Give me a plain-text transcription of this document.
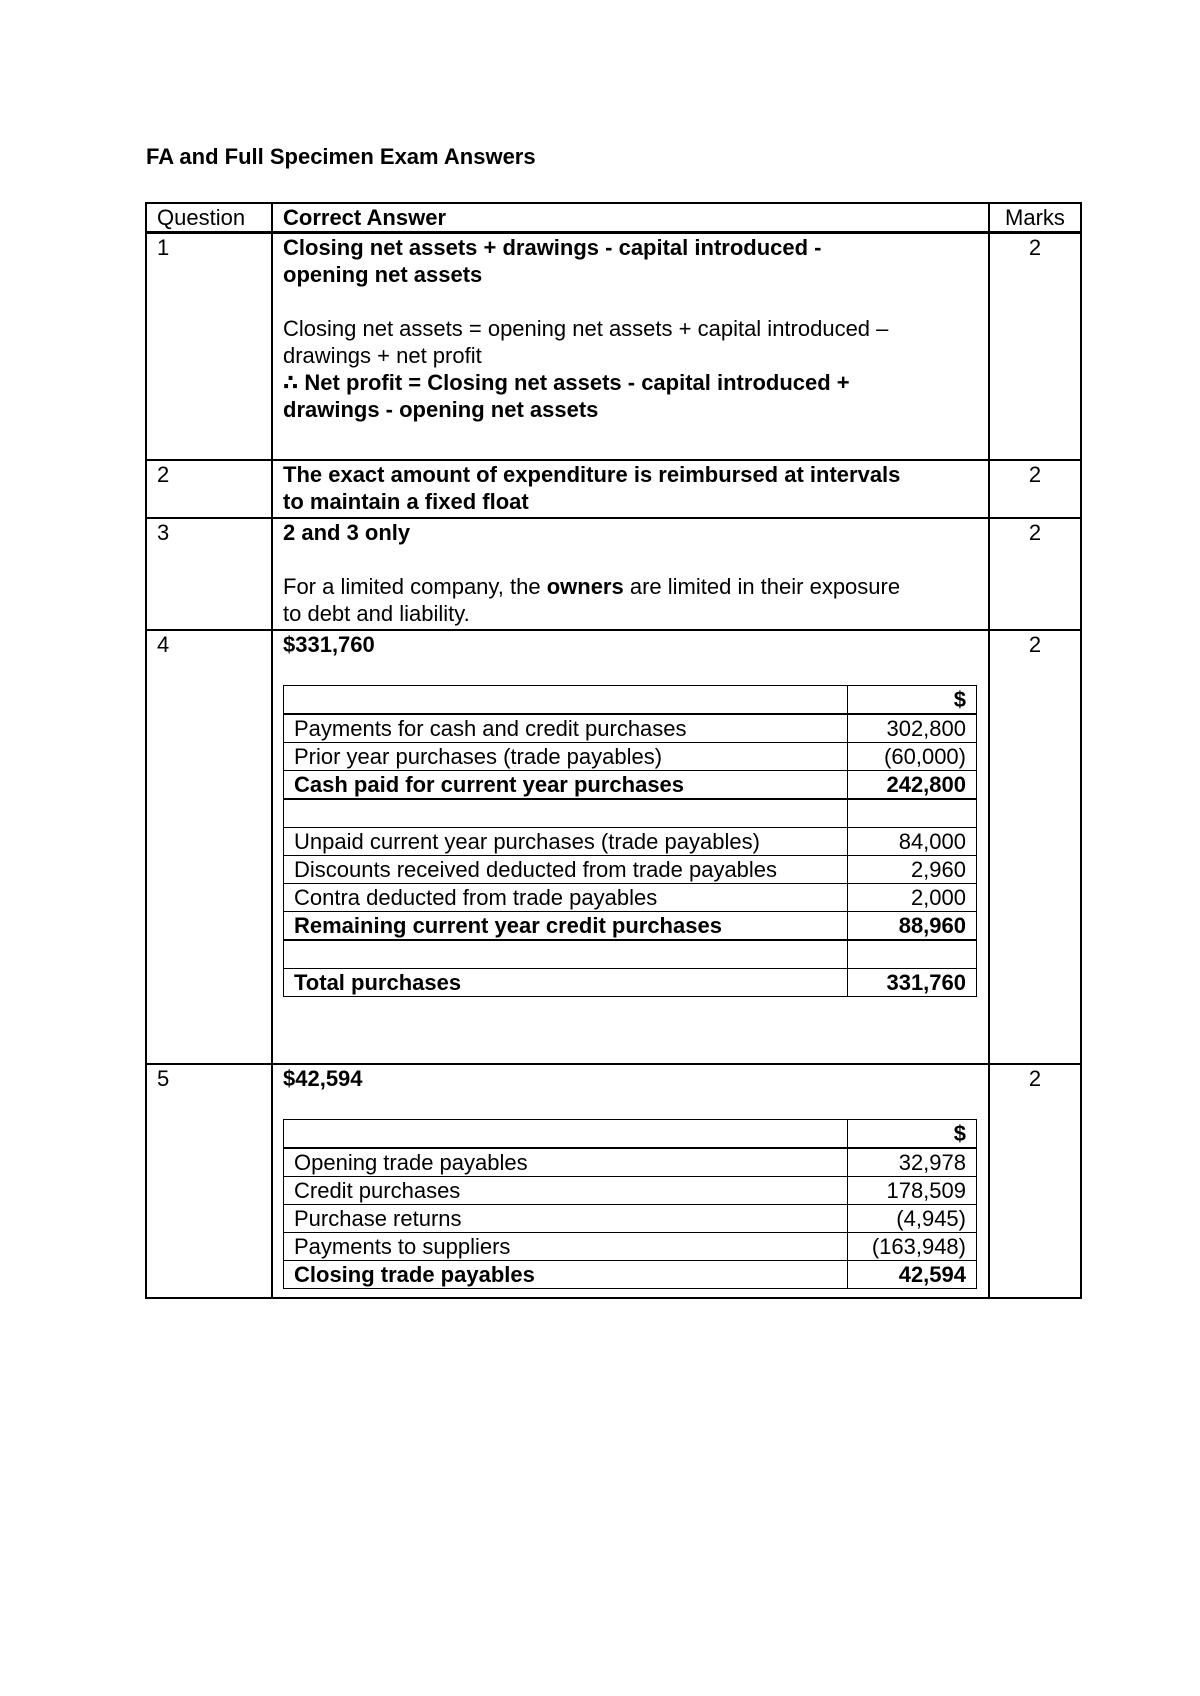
FA and Full Specimen Exam Answers
Question	Correct Answer	Marks
1	Closing net assets + drawings - capital introduced -

opening net assets

Closing net assets = opening net assets + capital introduced –

drawings + net profit

∴ Net profit = Closing net assets - capital introduced +

drawings - opening net assets

	2
2	The exact amount of expenditure is reimbursed at intervals

to maintain a fixed float

	2
3	2 and 3 only

For a limited company, the owners are limited in their exposure

to debt and liability.

	2
4	$331,760

	$
Payments for cash and credit purchases	302,800
Prior year purchases (trade payables)	(60,000)
Cash paid for current year purchases	242,800

Unpaid current year purchases (trade payables)	84,000
Discounts received deducted from trade payables	2,960
Contra deducted from trade payables	2,000
Remaining current year credit purchases	88,960

Total purchases	331,760
	2
5	$42,594

	$
Opening trade payables	32,978
Credit purchases	178,509
Purchase returns	(4,945)
Payments to suppliers	(163,948)
Closing trade payables	42,594
	2
